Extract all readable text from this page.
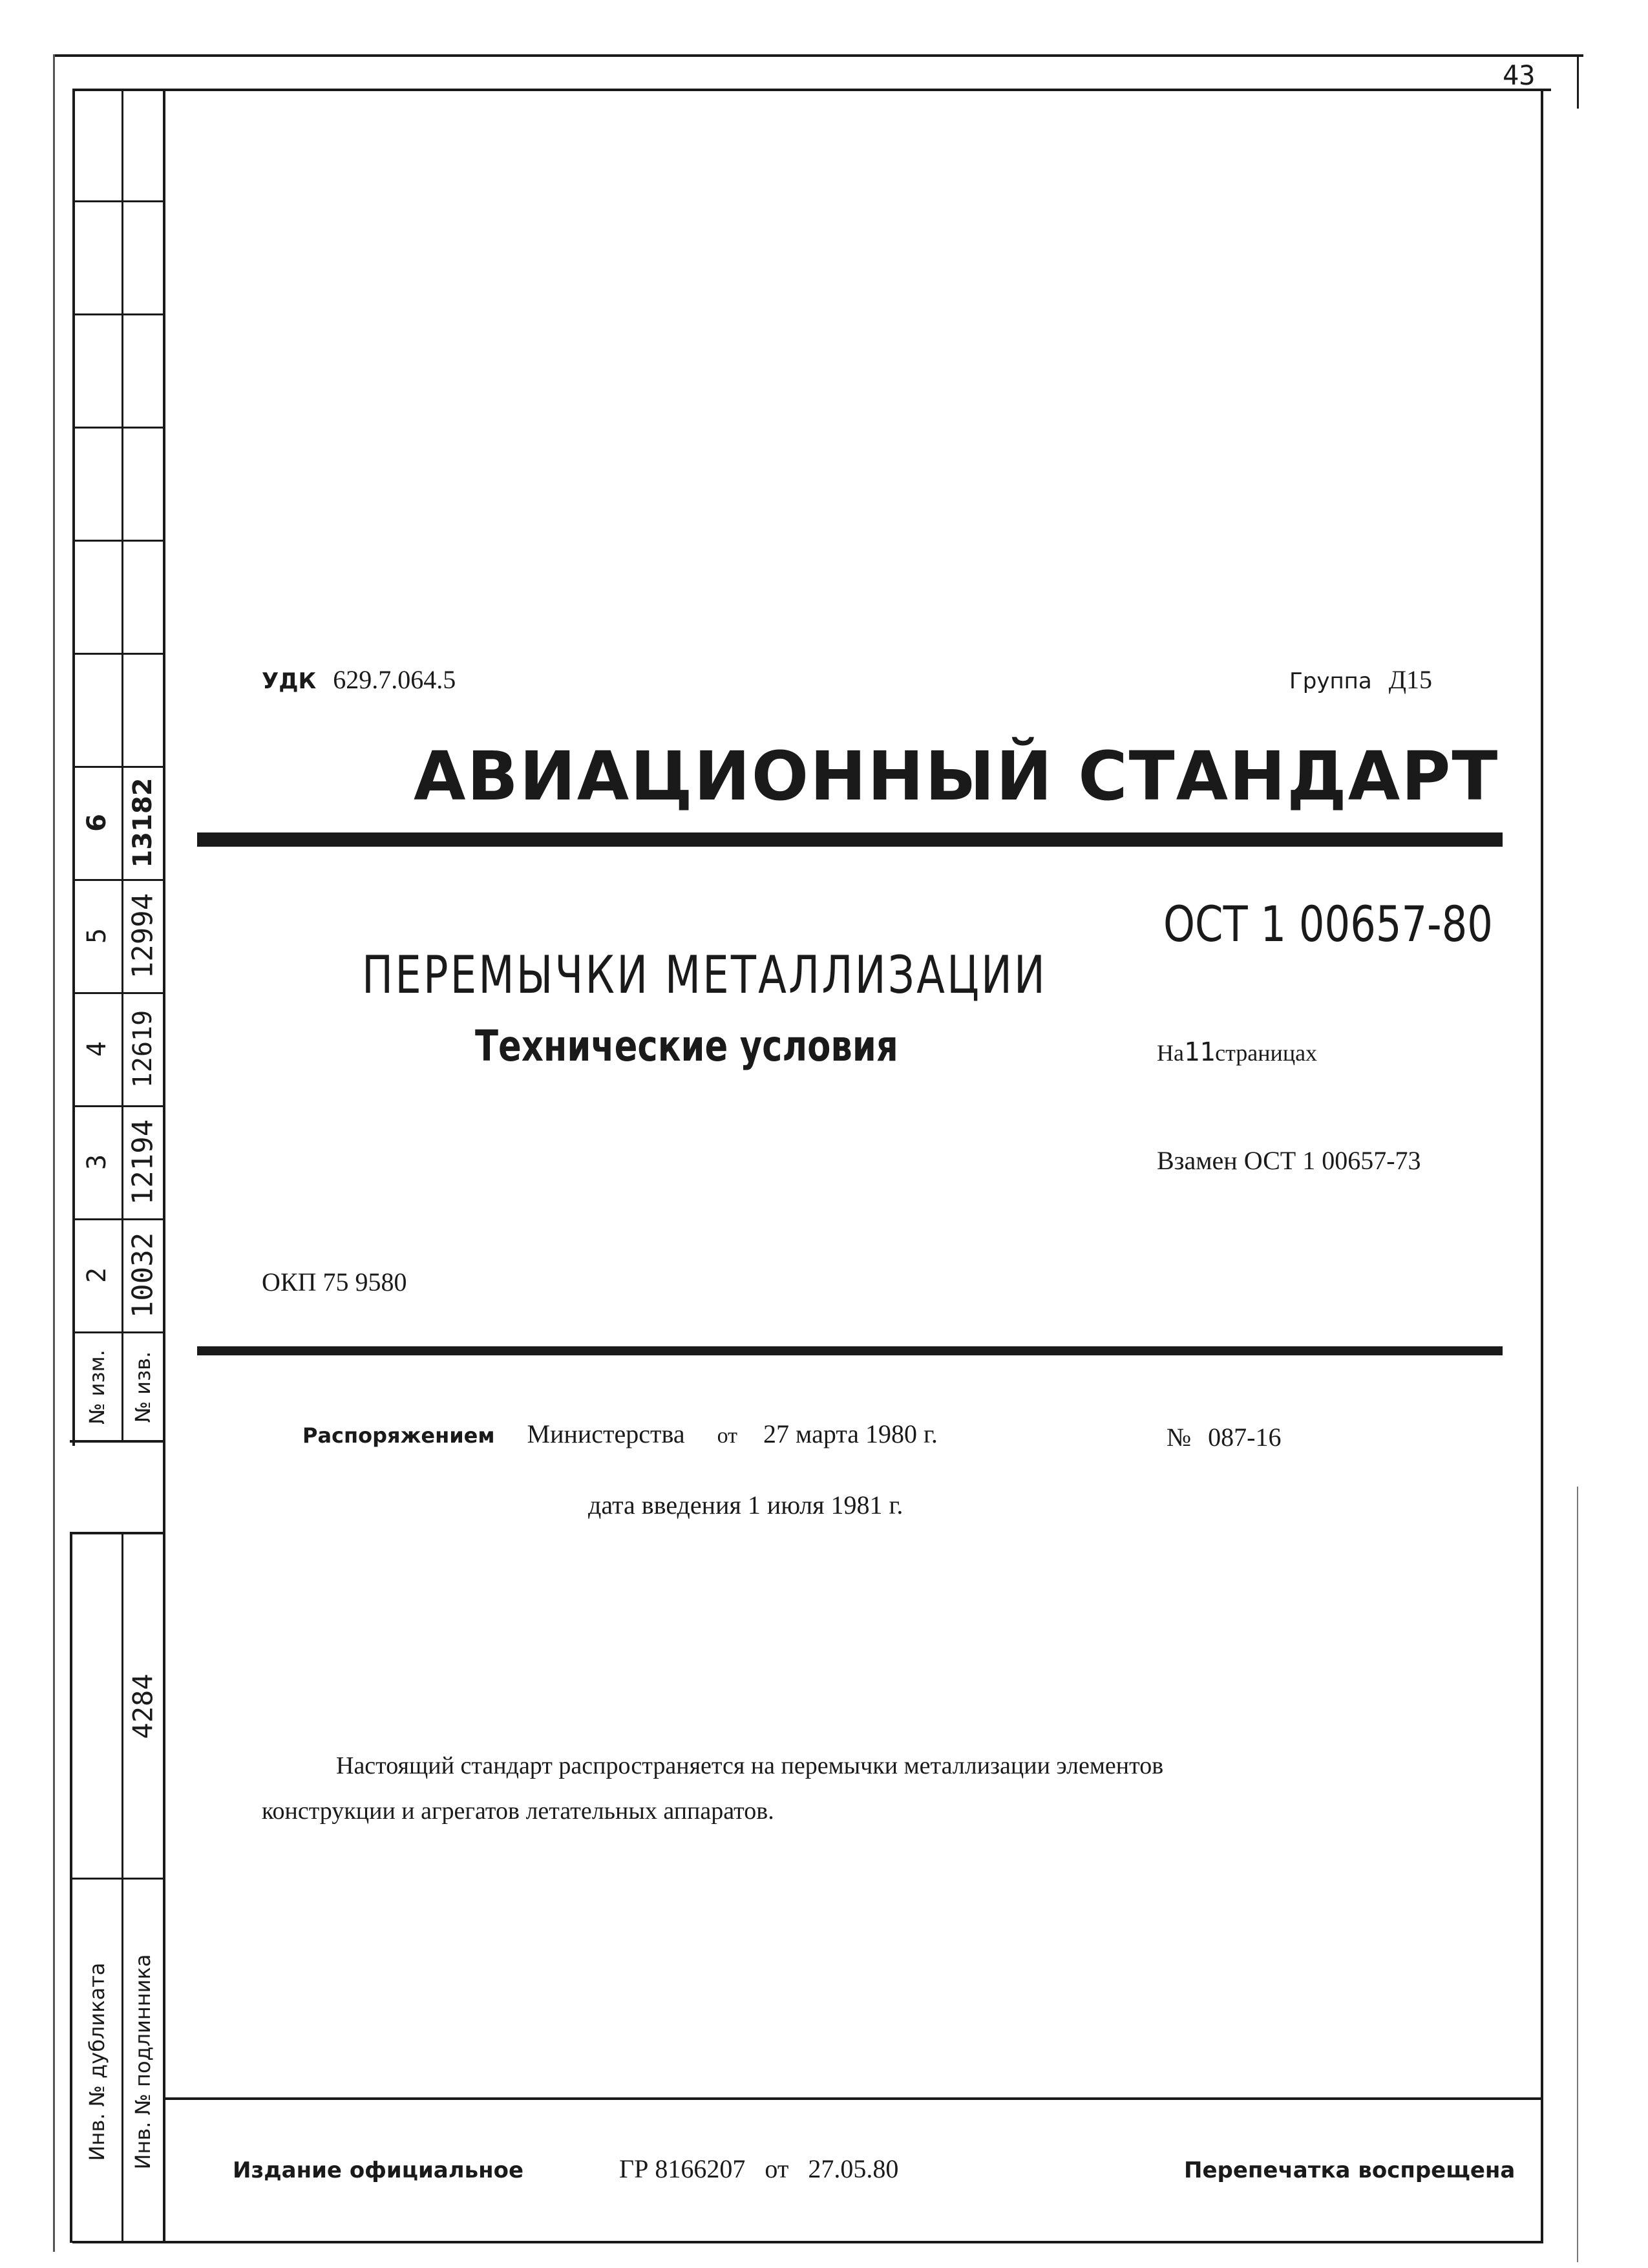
2 10032
3 12194
4 12619
5 12994
6 13182
№ изм. № изв.
4284
Инв. № дубликата Инв. № подлинника
43
УДК 629.7.064.5	Группа Д15
АВИАЦИОННЫЙ СТАНДАРТ
ОСТ 1 00657-80
ПЕРЕМЫЧКИ МЕТАЛЛИЗАЦИИ
Технические условия	На11страницах
Взамен ОСТ 1 00657-73
ОКП 75 9580
Распоряжением Министерства от 27 марта 1980 г.	№ 087-16
дата введения 1 июля 1981 г.
Настоящий стандарт распространяется на перемычки металлизации элементов
конструкции и агрегатов летательных аппаратов.
Издание официальное	ГР 8166207 от 27.05.80	Перепечатка воспрещена
